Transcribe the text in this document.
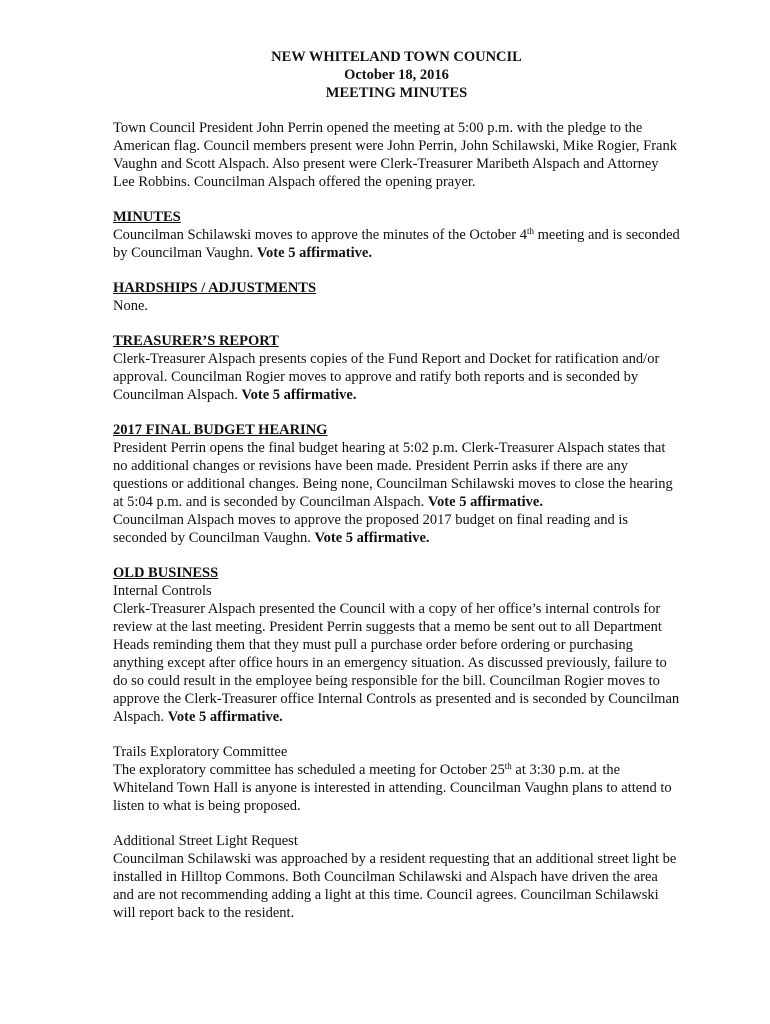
NEW WHITELAND TOWN COUNCIL
October 18, 2016
MEETING MINUTES

Town Council President John Perrin opened the meeting at 5:00 p.m. with the pledge to the American flag. Council members present were John Perrin, John Schilawski, Mike Rogier, Frank Vaughn and Scott Alspach. Also present were Clerk-Treasurer Maribeth Alspach and Attorney Lee Robbins. Councilman Alspach offered the opening prayer.

MINUTES

Councilman Schilawski moves to approve the minutes of the October 4th meeting and is seconded by Councilman Vaughn. Vote 5 affirmative.

HARDSHIPS / ADJUSTMENTS

None.

TREASURER’S REPORT

Clerk-Treasurer Alspach presents copies of the Fund Report and Docket for ratification and/or approval. Councilman Rogier moves to approve and ratify both reports and is seconded by Councilman Alspach. Vote 5 affirmative.

2017 FINAL BUDGET HEARING

President Perrin opens the final budget hearing at 5:02 p.m. Clerk-Treasurer Alspach states that no additional changes or revisions have been made. President Perrin asks if there are any questions or additional changes. Being none, Councilman Schilawski moves to close the hearing at 5:04 p.m. and is seconded by Councilman Alspach. Vote 5 affirmative.
Councilman Alspach moves to approve the proposed 2017 budget on final reading and is seconded by Councilman Vaughn. Vote 5 affirmative.

OLD BUSINESS
Internal Controls

Clerk-Treasurer Alspach presented the Council with a copy of her office’s internal controls for review at the last meeting. President Perrin suggests that a memo be sent out to all Department Heads reminding them that they must pull a purchase order before ordering or purchasing anything except after office hours in an emergency situation. As discussed previously, failure to do so could result in the employee being responsible for the bill. Councilman Rogier moves to approve the Clerk-Treasurer office Internal Controls as presented and is seconded by Councilman Alspach. Vote 5 affirmative.

Trails Exploratory Committee

The exploratory committee has scheduled a meeting for October 25th at 3:30 p.m. at the Whiteland Town Hall is anyone is interested in attending. Councilman Vaughn plans to attend to listen to what is being proposed.

Additional Street Light Request

Councilman Schilawski was approached by a resident requesting that an additional street light be installed in Hilltop Commons. Both Councilman Schilawski and Alspach have driven the area and are not recommending adding a light at this time. Council agrees. Councilman Schilawski will report back to the resident.
